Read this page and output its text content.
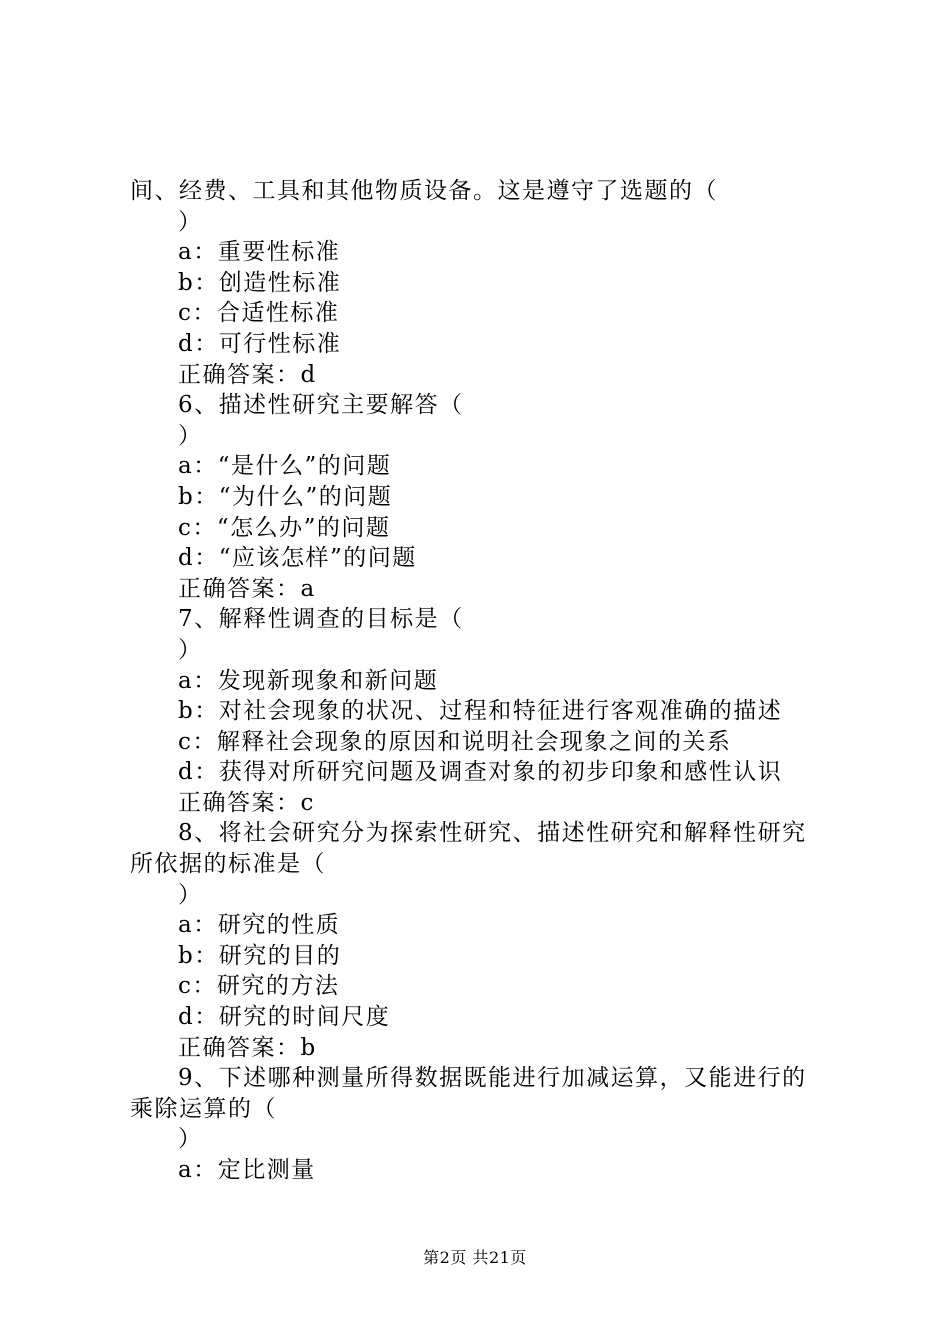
间、经费、工具和其他物质设备。这是遵守了选题的（
）
a：重要性标准
b：创造性标准
c：合适性标准
d：可行性标准
正确答案：d
6、描述性研究主要解答（
）
a：“是什么”的问题
b：“为什么”的问题
c：“怎么办”的问题
d：“应该怎样”的问题
正确答案：a
7、解释性调查的目标是（
）
a：发现新现象和新问题
b：对社会现象的状况、过程和特征进行客观准确的描述
c：解释社会现象的原因和说明社会现象之间的关系
d：获得对所研究问题及调查对象的初步印象和感性认识
正确答案：c
8、将社会研究分为探索性研究、描述性研究和解释性研究
所依据的标准是（
）
a：研究的性质
b：研究的目的
c：研究的方法
d：研究的时间尺度
正确答案：b
9、下述哪种测量所得数据既能进行加减运算，又能进行的
乘除运算的（
）
a：定比测量
第2页 共21页
